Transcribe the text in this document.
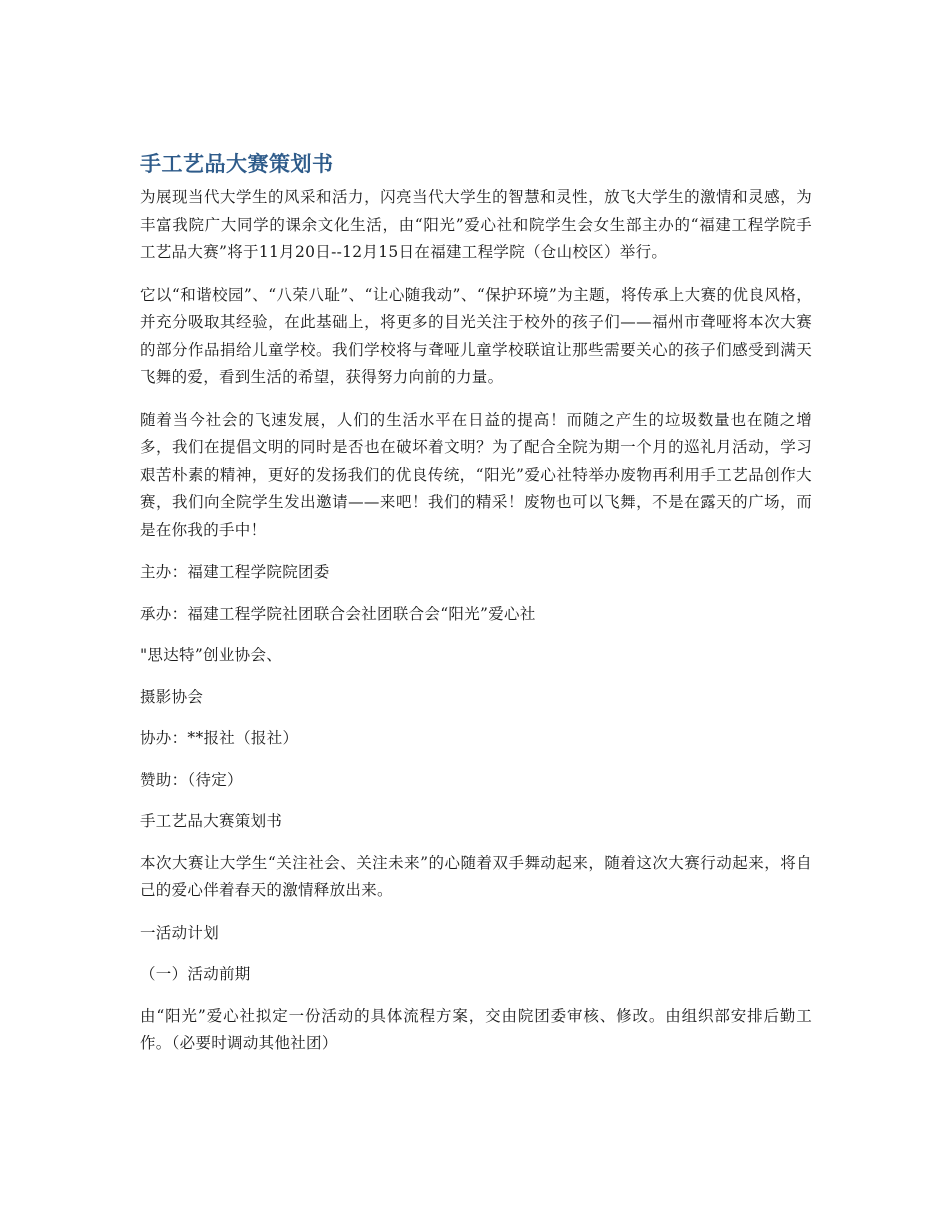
手工艺品大赛策划书

为展现当代大学生的风采和活力，闪亮当代大学生的智慧和灵性，放飞大学生的激情和灵感，为丰富我院广大同学的课余文化生活，由“阳光”爱心社和院学生会女生部主办的“福建工程学院手工艺品大赛”将于11月20日--12月15日在福建工程学院（仓山校区）举行。

它以“和谐校园”、“八荣八耻”、“让心随我动”、“保护环境”为主题，将传承上大赛的优良风格，并充分吸取其经验，在此基础上，将更多的目光关注于校外的孩子们——福州市聋哑将本次大赛的部分作品捐给儿童学校。我们学校将与聋哑儿童学校联谊让那些需要关心的孩子们感受到满天飞舞的爱，看到生活的希望，获得努力向前的力量。

随着当今社会的飞速发展，人们的生活水平在日益的提高！而随之产生的垃圾数量也在随之增多，我们在提倡文明的同时是否也在破坏着文明？为了配合全院为期一个月的巡礼月活动，学习艰苦朴素的精神，更好的发扬我们的优良传统，“阳光”爱心社特举办废物再利用手工艺品创作大赛，我们向全院学生发出邀请——来吧！我们的精采！废物也可以飞舞，不是在露天的广场，而是在你我的手中！

主办：福建工程学院院团委

承办：福建工程学院社团联合会社团联合会“阳光”爱心社

"思达特”创业协会、

摄影协会

协办：**报社（报社）

赞助：（待定）

手工艺品大赛策划书

本次大赛让大学生“关注社会、关注未来”的心随着双手舞动起来，随着这次大赛行动起来，将自己的爱心伴着春天的激情释放出来。

一活动计划

（一）活动前期

由“阳光”爱心社拟定一份活动的具体流程方案，交由院团委审核、修改。由组织部安排后勤工作。（必要时调动其他社团）
